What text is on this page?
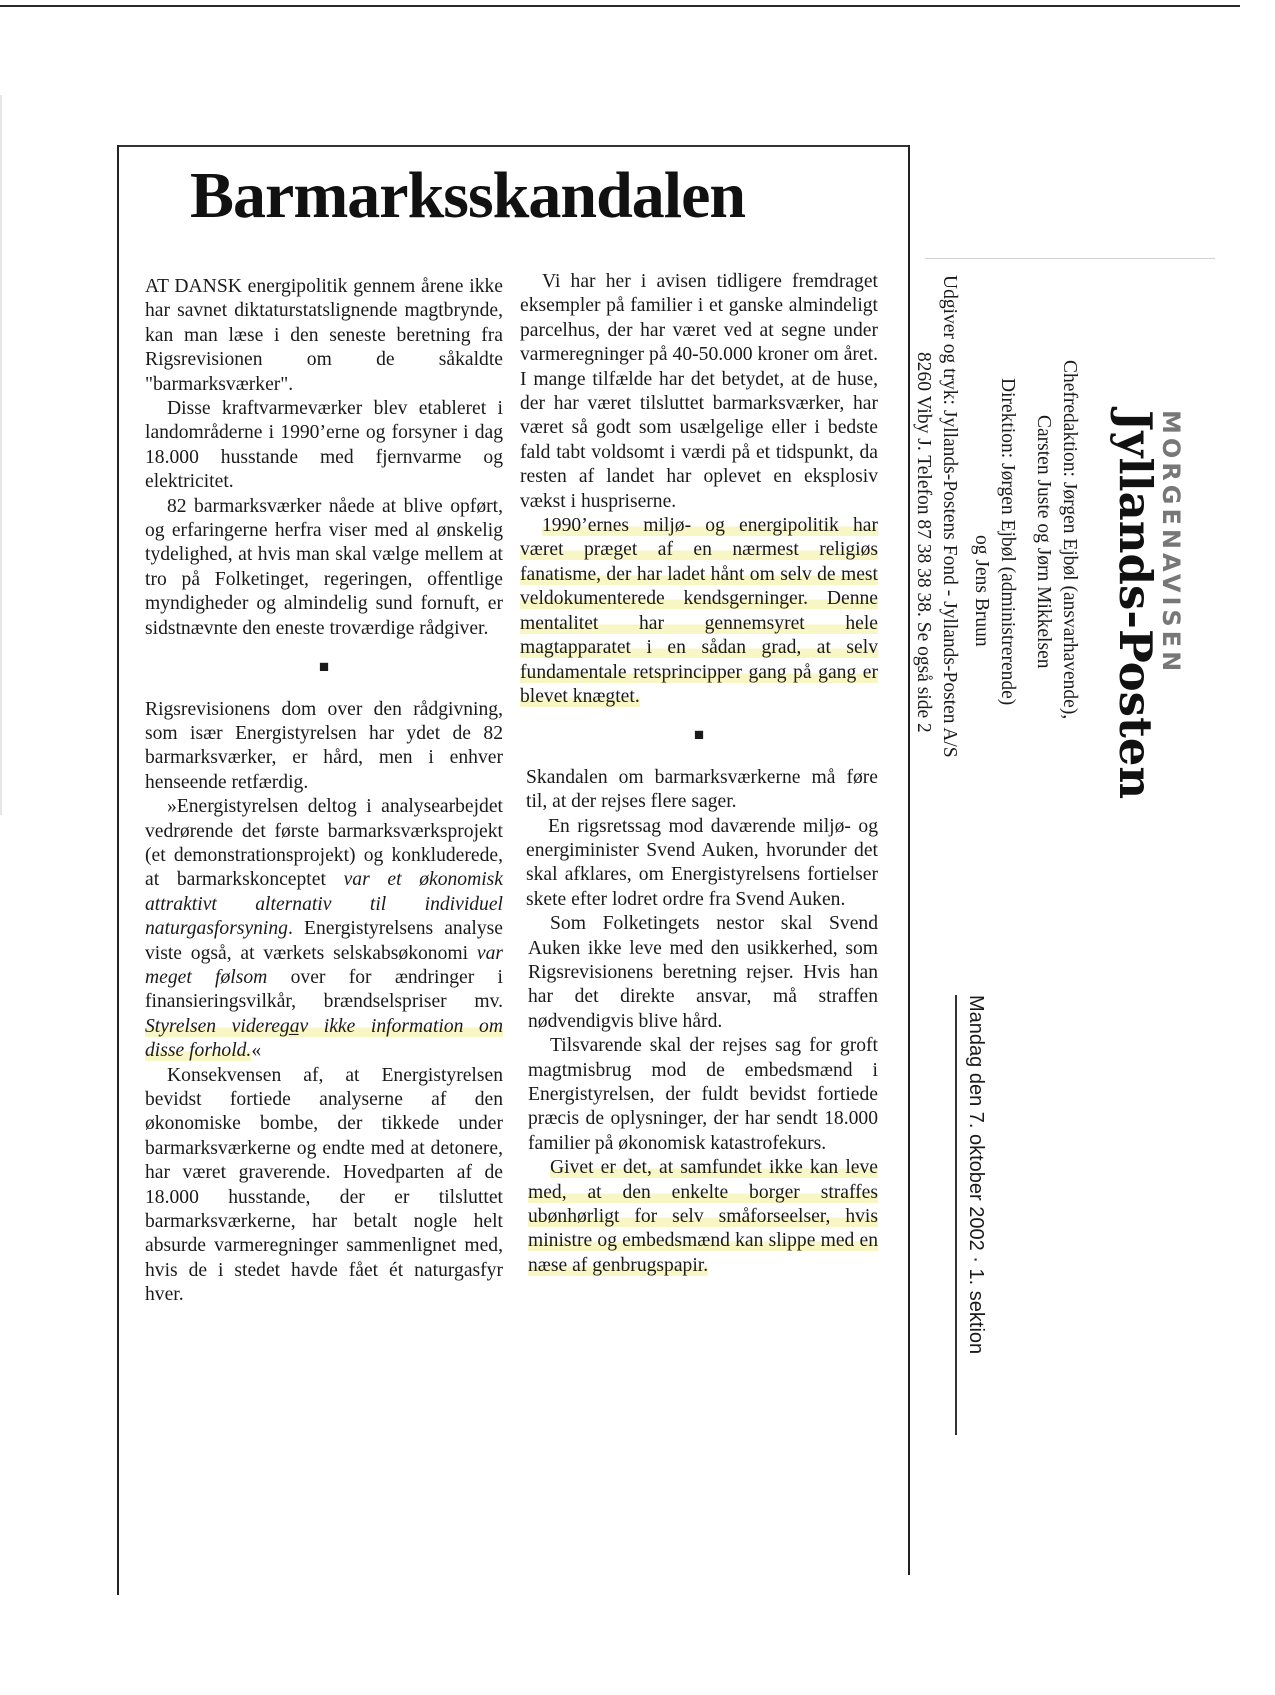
Barmarksskandalen

AT DANSK energipolitik gennem årene ikke har savnet diktaturstatslignende magtbrynde, kan man læse i den seneste beretning fra Rigsrevisionen om de såkaldte "barmarksværker".

Disse kraftvarmeværker blev etableret i landområderne i 1990’erne og forsyner i dag 18.000 husstande med fjernvarme og elektricitet.

82 barmarksværker nåede at blive opført, og erfaringerne herfra viser med al ønskelig tydelighed, at hvis man skal vælge mellem at tro på Folketinget, regeringen, offentlige myndigheder og almindelig sund fornuft, er sidstnævnte den eneste troværdige rådgiver.

■

Rigsrevisionens dom over den rådgivning, som især Energistyrelsen har ydet de 82 barmarksværker, er hård, men i enhver henseende retfærdig.

»Energistyrelsen deltog i analysearbejdet vedrørende det første barmarksværksprojekt (et demonstrationsprojekt) og konkluderede, at barmarkskonceptet var et økonomisk attraktivt alternativ til individuel naturgasforsyning. Energistyrelsens analyse viste også, at værkets selskabsøkonomi var meget følsom over for ændringer i finansieringsvilkår, brændselspriser mv. Styrelsen viderega̲v ikke information om disse forhold.«

Konsekvensen af, at Energistyrelsen bevidst fortiede analyserne af den økonomiske bombe, der tikkede under barmarksværkerne og endte med at detonere, har været graverende. Hovedparten af de 18.000 husstande, der er tilsluttet barmarksværkerne, har betalt nogle helt absurde varmeregninger sammenlignet med, hvis de i stedet havde fået ét naturgasfyr hver.

Vi har her i avisen tidligere fremdraget eksempler på familier i et ganske almindeligt parcelhus, der har været ved at segne under varmeregninger på 40-50.000 kroner om året. I mange tilfælde har det betydet, at de huse, der har været tilsluttet barmarksværker, har været så godt som usælgelige eller i bedste fald tabt voldsomt i værdi på et tidspunkt, da resten af landet har oplevet en eksplosiv vækst i huspriserne.

1990’ernes miljø- og energipolitik har været præget af en nærmest religiøs fanatisme, der har ladet hånt om selv de mest veldokumenterede kendsgerninger. Denne mentalitet har gennemsyret hele magtapparatet i en sådan grad, at selv fundamentale retsprincipper gang på gang er blevet knægtet.

■

Skandalen om barmarksværkerne må føre til, at der rejses flere sager.

En rigsretssag mod daværende miljø- og energiminister Svend Auken, hvorunder det skal afklares, om Energistyrelsens fortielser skete efter lodret ordre fra Svend Auken.

Som Folketingets nestor skal Svend Auken ikke leve med den usikkerhed, som Rigsrevisionens beretning rejser. Hvis han har det direkte ansvar, må straffen nødvendigvis blive hård.

Tilsvarende skal der rejses sag for groft magtmisbrug mod de embedsmænd i Energistyrelsen, der fuldt bevidst fortiede præcis de oplysninger, der har sendt 18.000 familier på økonomisk katastrofekurs.

Givet er det, at samfundet ikke kan leve med, at den enkelte borger straffes ubønhørligt for selv småforseelser, hvis ministre og embedsmænd kan slippe med en næse af genbrugspapir.

MORGENAVISEN
Jyllands-Posten
Chefredaktion: Jørgen Ejbøl (ansvarhavende),
Carsten Juste og Jørn Mikkelsen
Direktion: Jørgen Ejbøl (administrerende)
og Jens Bruun
Udgiver og tryk: Jyllands-Postens Fond - Jyllands-Posten A/S
8260 Viby J. Telefon 87 38 38 38. Se også side 2
Mandag den 7. oktober 2002 · 1. sektion
